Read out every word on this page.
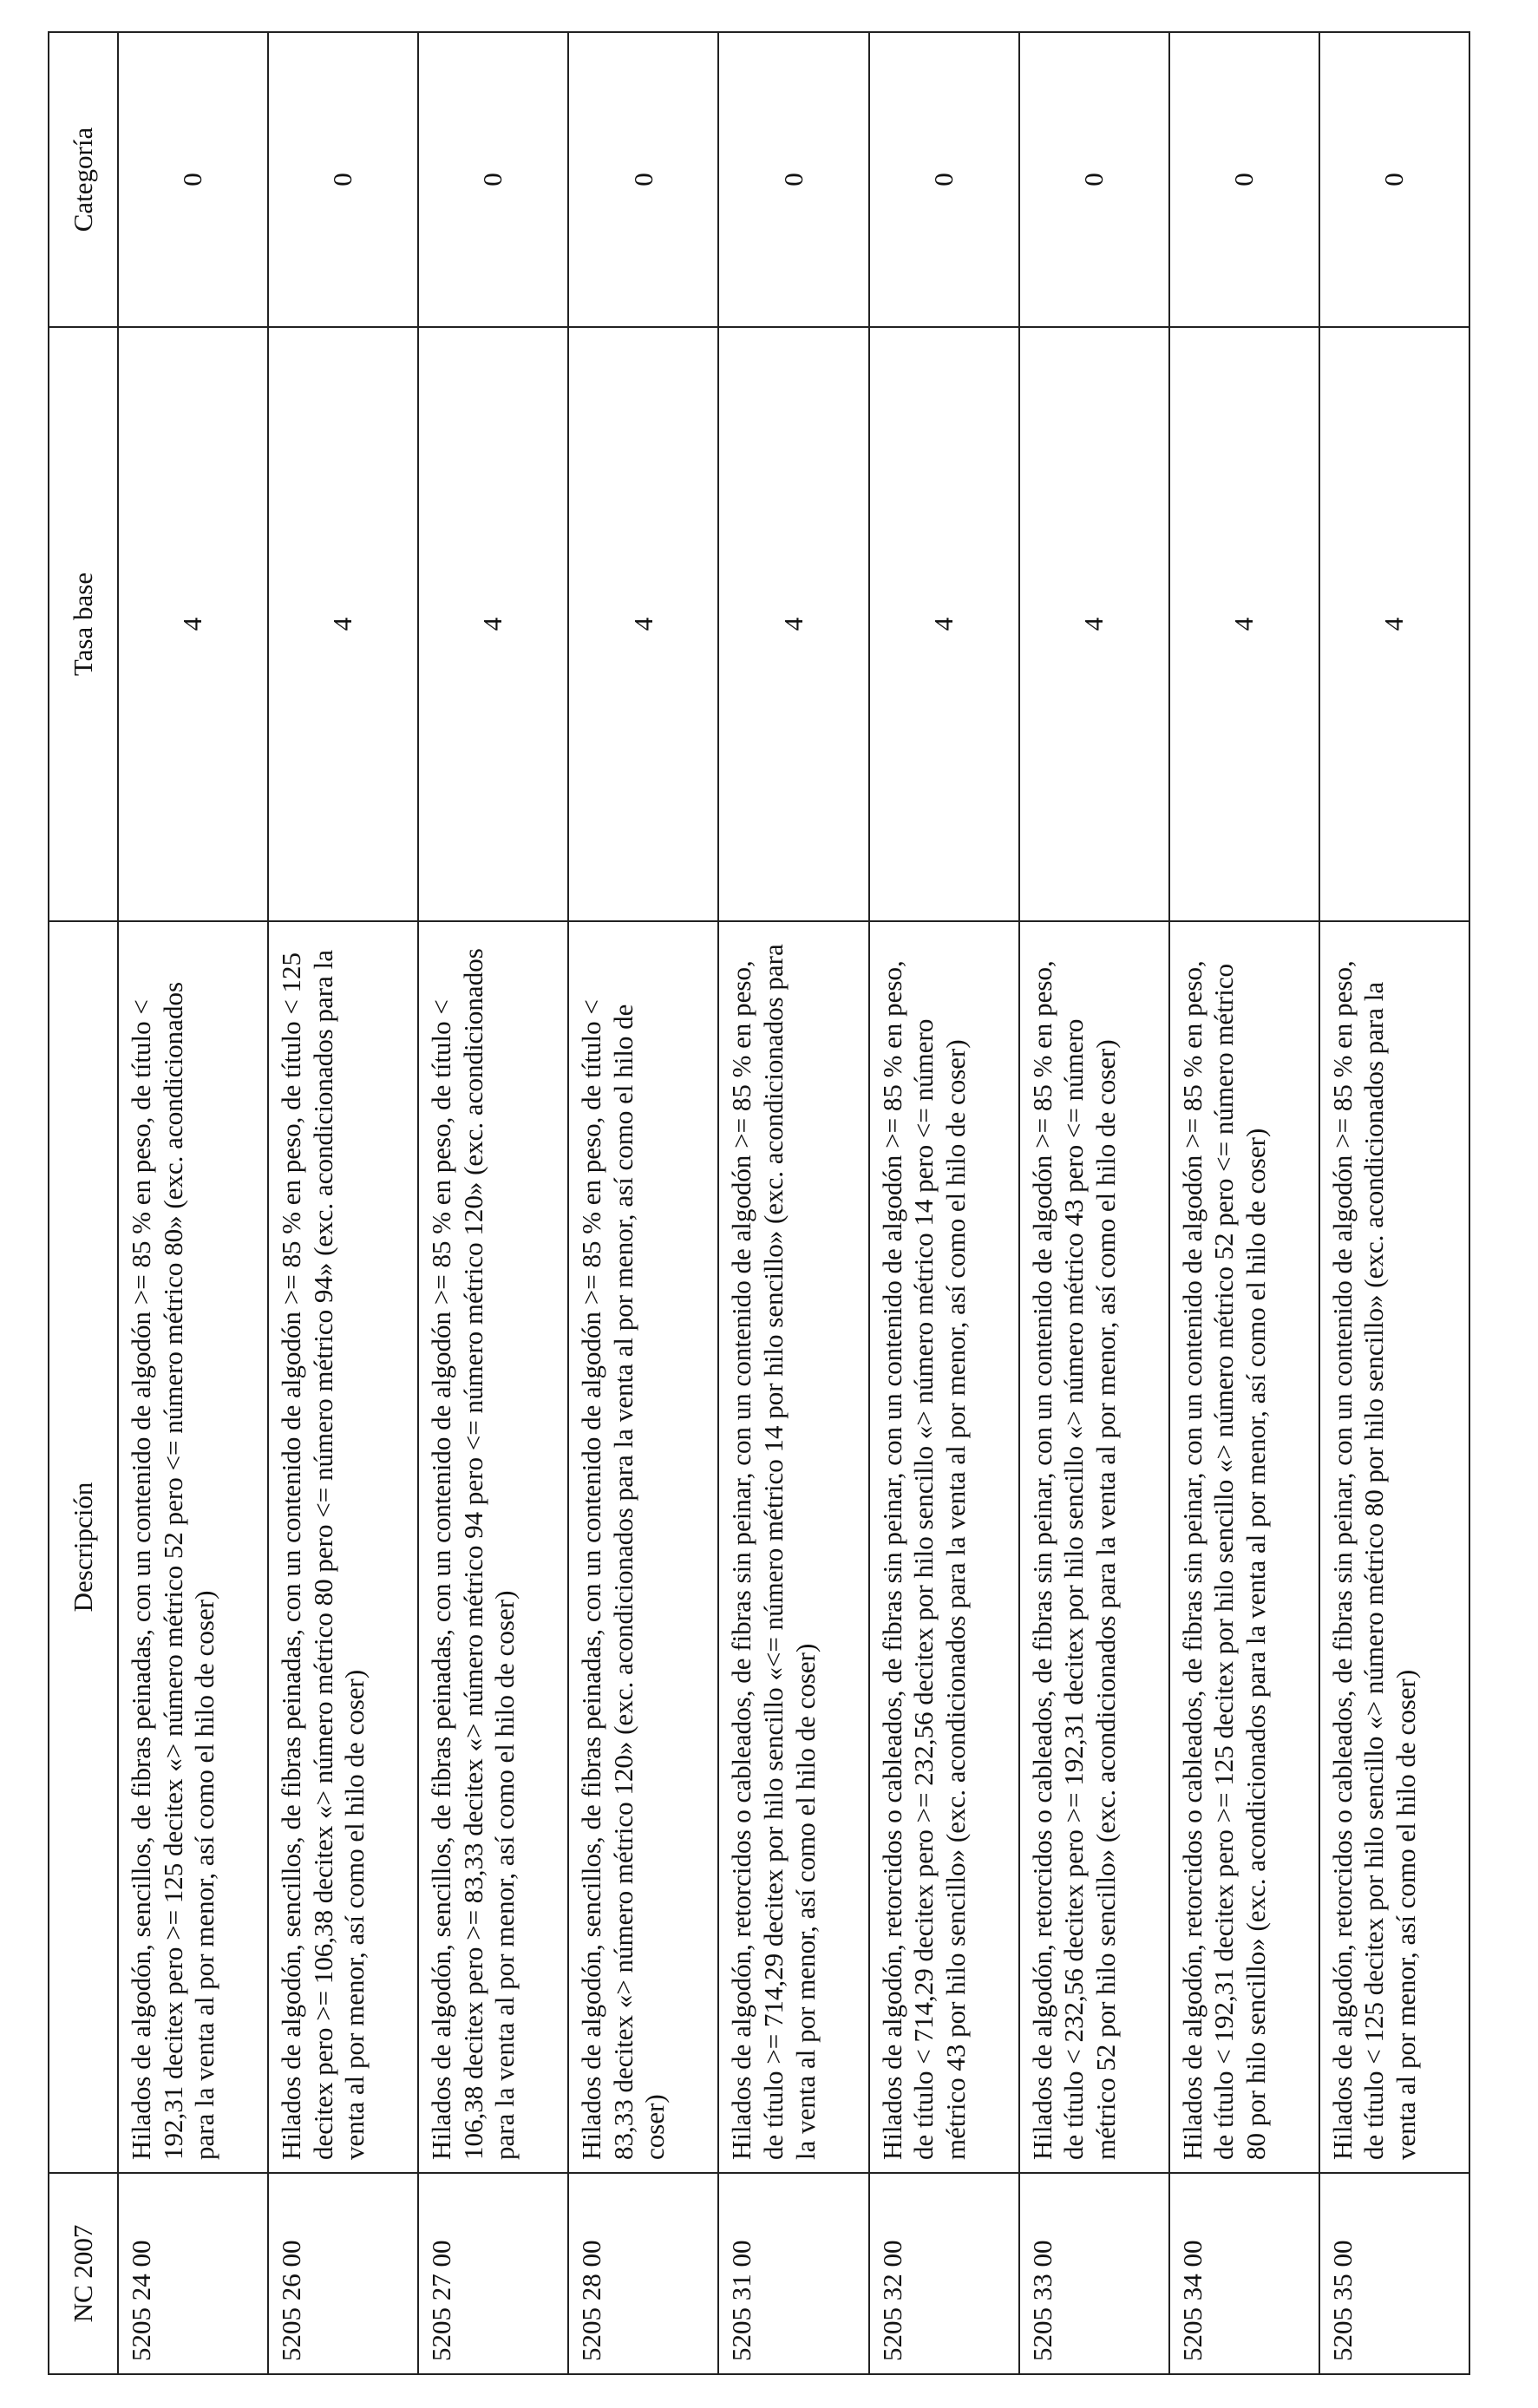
NC 2007	Descripción	Tasa base	Categoría
5205 24 00	Hilados de algodón, sencillos, de fibras peinadas, con un contenido de algodón >= 85 % en peso, de título < 192,31 decitex pero >= 125 decitex «> número métrico 52 pero <= número métrico 80» (exc. acondicionados para la venta al por menor, así como el hilo de coser)	4	0
5205 26 00	Hilados de algodón, sencillos, de fibras peinadas, con un contenido de algodón >= 85 % en peso, de título < 125 decitex pero >= 106,38 decitex «> número métrico 80 pero <= número métrico 94» (exc. acondicionados para la venta al por menor, así como el hilo de coser)	4	0
5205 27 00	Hilados de algodón, sencillos, de fibras peinadas, con un contenido de algodón >= 85 % en peso, de título < 106,38 decitex pero >= 83,33 decitex «> número métrico 94 pero <= número métrico 120» (exc. acondicionados para la venta al por menor, así como el hilo de coser)	4	0
5205 28 00	Hilados de algodón, sencillos, de fibras peinadas, con un contenido de algodón >= 85 % en peso, de título < 83,33 decitex «> número métrico 120» (exc. acondicionados para la venta al por menor, así como el hilo de coser)	4	0
5205 31 00	Hilados de algodón, retorcidos o cableados, de fibras sin peinar, con un contenido de algodón >= 85 % en peso, de título >= 714,29 decitex por hilo sencillo «<= número métrico 14 por hilo sencillo» (exc. acondicionados para la venta al por menor, así como el hilo de coser)	4	0
5205 32 00	Hilados de algodón, retorcidos o cableados, de fibras sin peinar, con un contenido de algodón >= 85 % en peso, de título < 714,29 decitex pero >= 232,56 decitex por hilo sencillo «> número métrico 14 pero <= número métrico 43 por hilo sencillo» (exc. acondicionados para la venta al por menor, así como el hilo de coser)	4	0
5205 33 00	Hilados de algodón, retorcidos o cableados, de fibras sin peinar, con un contenido de algodón >= 85 % en peso, de título < 232,56 decitex pero >= 192,31 decitex por hilo sencillo «> número métrico 43 pero <= número métrico 52 por hilo sencillo» (exc. acondicionados para la venta al por menor, así como el hilo de coser)	4	0
5205 34 00	Hilados de algodón, retorcidos o cableados, de fibras sin peinar, con un contenido de algodón >= 85 % en peso, de título < 192,31 decitex pero >= 125 decitex por hilo sencillo «> número métrico 52 pero <= número métrico 80 por hilo sencillo» (exc. acondicionados para la venta al por menor, así como el hilo de coser)	4	0
5205 35 00	Hilados de algodón, retorcidos o cableados, de fibras sin peinar, con un contenido de algodón >= 85 % en peso, de título < 125 decitex por hilo sencillo «> número métrico 80 por hilo sencillo» (exc. acondicionados para la venta al por menor, así como el hilo de coser)	4	0
